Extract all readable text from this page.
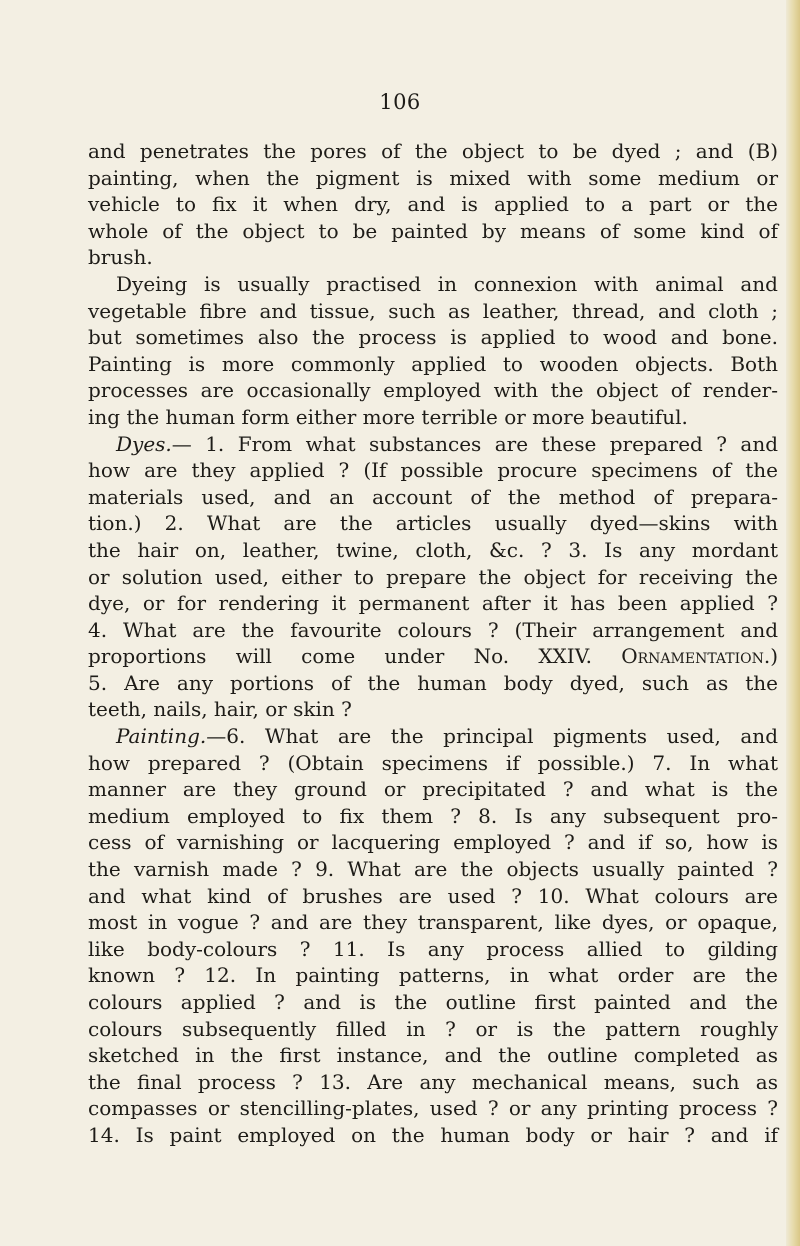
106
and penetrates the pores of the object to be dyed ; and (B)
painting, when the pigment is mixed with some medium or
vehicle to fix it when dry, and is applied to a part or the
whole of the object to be painted by means of some kind of
brush.
Dyeing is usually practised in connexion with animal and
vegetable fibre and tissue, such as leather, thread, and cloth ;
but sometimes also the process is applied to wood and bone.
Painting is more commonly applied to wooden objects. Both
processes are occasionally employed with the object of render-
ing the human form either more terrible or more beautiful.
Dyes.— 1. From what substances are these prepared ? and
how are they applied ? (If possible procure specimens of the
materials used, and an account of the method of prepara-
tion.) 2. What are the articles usually dyed—skins with
the hair on, leather, twine, cloth, &c. ? 3. Is any mordant
or solution used, either to prepare the object for receiving the
dye, or for rendering it permanent after it has been applied ?
4. What are the favourite colours ? (Their arrangement and
proportions will come under No. XXIV. Ornamentation.)
5. Are any portions of the human body dyed, such as the
teeth, nails, hair, or skin ?
Painting.—6. What are the principal pigments used, and
how prepared ? (Obtain specimens if possible.) 7. In what
manner are they ground or precipitated ? and what is the
medium employed to fix them ? 8. Is any subsequent pro-
cess of varnishing or lacquering employed ? and if so, how is
the varnish made ? 9. What are the objects usually painted ?
and what kind of brushes are used ? 10. What colours are
most in vogue ? and are they transparent, like dyes, or opaque,
like body-colours ? 11. Is any process allied to gilding
known ? 12. In painting patterns, in what order are the
colours applied ? and is the outline first painted and the
colours subsequently filled in ? or is the pattern roughly
sketched in the first instance, and the outline completed as
the final process ? 13. Are any mechanical means, such as
compasses or stencilling-plates, used ? or any printing process ?
14. Is paint employed on the human body or hair ? and if
